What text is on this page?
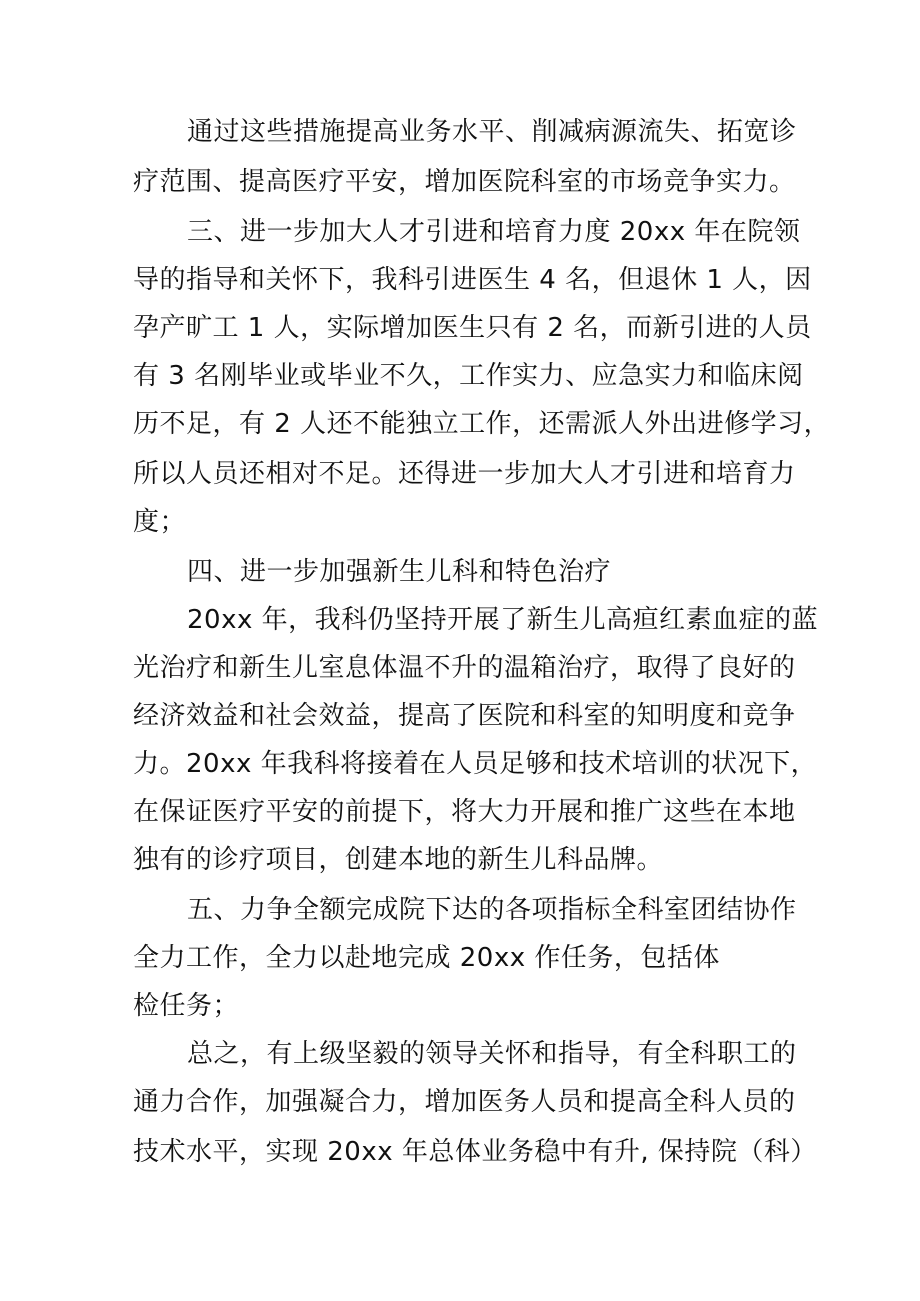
通过这些措施提高业务水平、削减病源流失、拓宽诊
疗范围、提高医疗平安，增加医院科室的市场竞争实力。
三、进一步加大人才引进和培育力度 20xx 年在院领
导的指导和关怀下，我科引进医生 4 名，但退休 1 人，因
孕产旷工 1 人，实际增加医生只有 2 名，而新引进的人员
有 3 名刚毕业或毕业不久，工作实力、应急实力和临床阅
历不足，有 2 人还不能独立工作，还需派人外出进修学习，
所以人员还相对不足。还得进一步加大人才引进和培育力
度；
四、进一步加强新生儿科和特色治疗
20xx 年，我科仍坚持开展了新生儿高疸红素血症的蓝
光治疗和新生儿室息体温不升的温箱治疗，取得了良好的
经济效益和社会效益，提高了医院和科室的知明度和竞争
力。20xx 年我科将接着在人员足够和技术培训的状况下，
在保证医疗平安的前提下，将大力开展和推广这些在本地
独有的诊疗项目，创建本地的新生儿科品牌。
五、力争全额完成院下达的各项指标全科室团结协作
全力工作，全力以赴地完成 20xx 作任务，包括体
检任务；
总之，有上级坚毅的领导关怀和指导，有全科职工的
通力合作，加强凝合力，增加医务人员和提高全科人员的
技术水平，实现 20xx 年总体业务稳中有升, 保持院（科）
